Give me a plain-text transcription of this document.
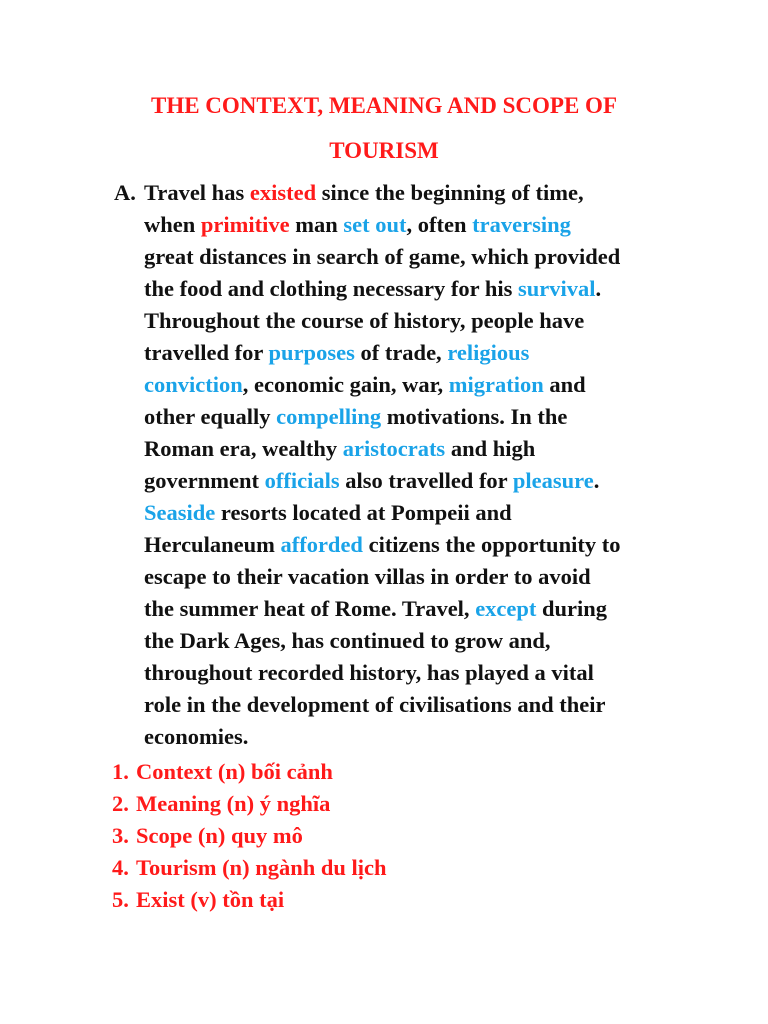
THE CONTEXT, MEANING AND SCOPE OF
TOURISM
A. Travel has existed since the beginning of time,
when primitive man set out, often traversing
great distances in search of game, which provided
the food and clothing necessary for his survival.
Throughout the course of history, people have
travelled for purposes of trade, religious
conviction, economic gain, war, migration and
other equally compelling motivations. In the
Roman era, wealthy aristocrats and high
government officials also travelled for pleasure.
Seaside resorts located at Pompeii and
Herculaneum afforded citizens the opportunity to
escape to their vacation villas in order to avoid
the summer heat of Rome. Travel, except during
the Dark Ages, has continued to grow and,
throughout recorded history, has played a vital
role in the development of civilisations and their
economies.

1. Context (n) bối cảnh
2. Meaning (n) ý nghĩa
3. Scope (n) quy mô
4. Tourism (n) ngành du lịch
5. Exist (v) tồn tại
